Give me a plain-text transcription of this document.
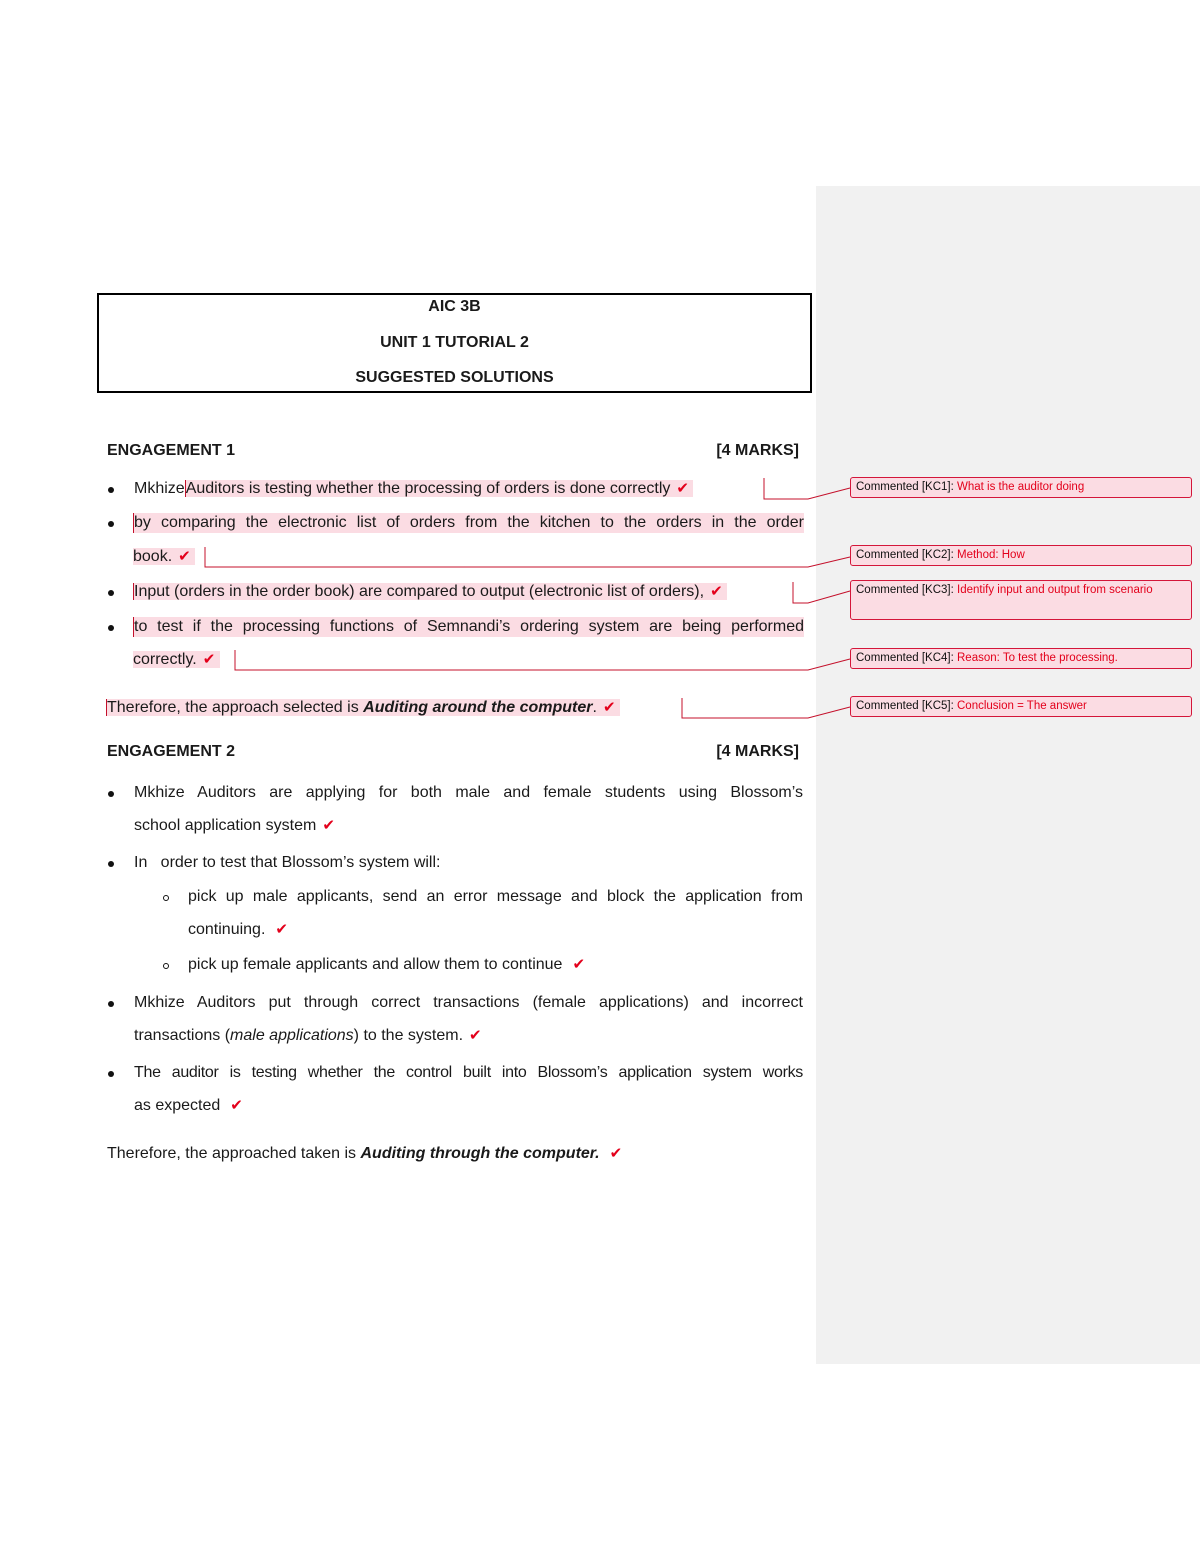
AIC 3B
UNIT 1 TUTORIAL 2
SUGGESTED SOLUTIONS
ENGAGEMENT 1	[4 MARKS]
MkhizeAuditors is testing whether the processing of orders is done correctly ✔
by comparing the electronic list of orders from the kitchen to the orders in the order
book. ✔
Input (orders in the order book) are compared to output (electronic list of orders), ✔
to test if the processing functions of Semnandi’s ordering system are being performed
correctly. ✔
Therefore, the approach selected is Auditing around the computer. ✔
ENGAGEMENT 2	[4 MARKS]
Mkhize Auditors are applying for both male and female students using Blossom’s
school application system ✔
In   order to test that Blossom’s system will:
pick up male applicants, send an error message and block the application from
continuing. ✔
pick up female applicants and allow them to continue ✔
Mkhize Auditors put through correct transactions (female applications) and incorrect
transactions (male applications) to the system. ✔
The auditor is testing whether the control built into Blossom’s application system works
as expected ✔
Therefore, the approached taken is Auditing through the computer. ✔
Commented [KC1]: What is the auditor doing
Commented [KC2]: Method: How
Commented [KC3]: Identify input and output from scenario
Commented [KC4]: Reason: To test the processing.
Commented [KC5]: Conclusion = The answer
